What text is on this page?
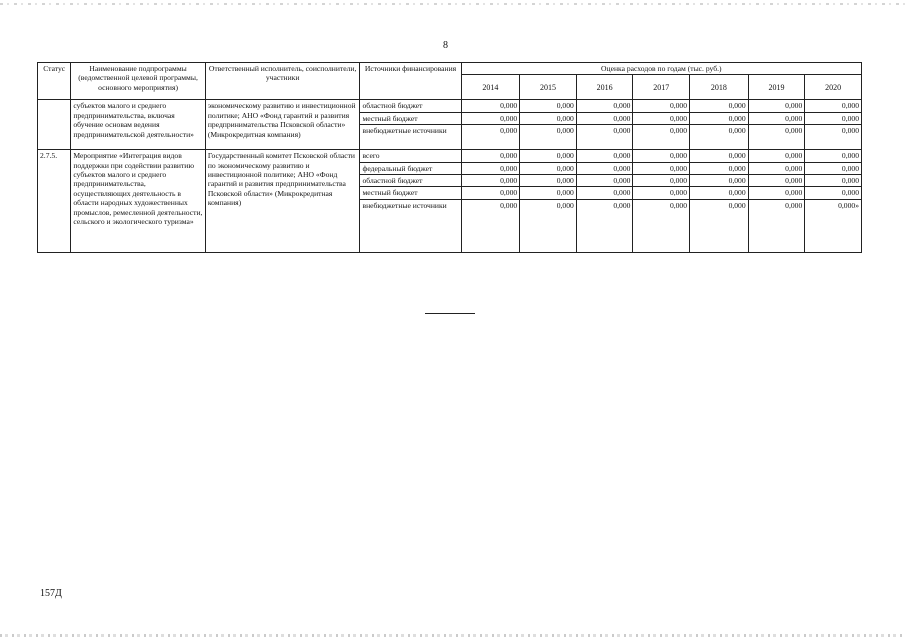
8
Статус	Наименование подпрограммы (ведомственной целевой программы, основного мероприятия)	Ответственный исполнитель, соисполнители, участники	Источники финансирования	Оценка расходов по годам (тыс. руб.)						
				2014	2015	2016	2017	2018	2019	2020
	субъектов малого и среднего предпринимательства, включая обучение основам ведения предпринимательской деятельности»	экономическому развитию и инвестиционной политике; АНО «Фонд гарантий и развития предпринимательства Псковской области» (Микрокредитная компания)	областной бюджет	0,000	0,000	0,000	0,000	0,000	0,000	0,000
			местный бюджет	0,000	0,000	0,000	0,000	0,000	0,000	0,000
			внебюджетные источники	0,000	0,000	0,000	0,000	0,000	0,000	0,000
2.7.5.	Мероприятие «Интеграция видов поддержки при содействии развитию субъектов малого и среднего предпринимательства, осуществляющих деятельность в области народных художественных промыслов, ремесленной деятельности, сельского и экологического туризма»	Государственный комитет Псковской области по экономическому развитию и инвестиционной политике; АНО «Фонд гарантий и развития предпринимательства Псковской области» (Микрокредитная компания)	всего	0,000	0,000	0,000	0,000	0,000	0,000	0,000
			федеральный бюджет	0,000	0,000	0,000	0,000	0,000	0,000	0,000
			областной бюджет	0,000	0,000	0,000	0,000	0,000	0,000	0,000
			местный бюджет	0,000	0,000	0,000	0,000	0,000	0,000	0,000
			внебюджетные источники	0,000	0,000	0,000	0,000	0,000	0,000	0,000»
157Д
